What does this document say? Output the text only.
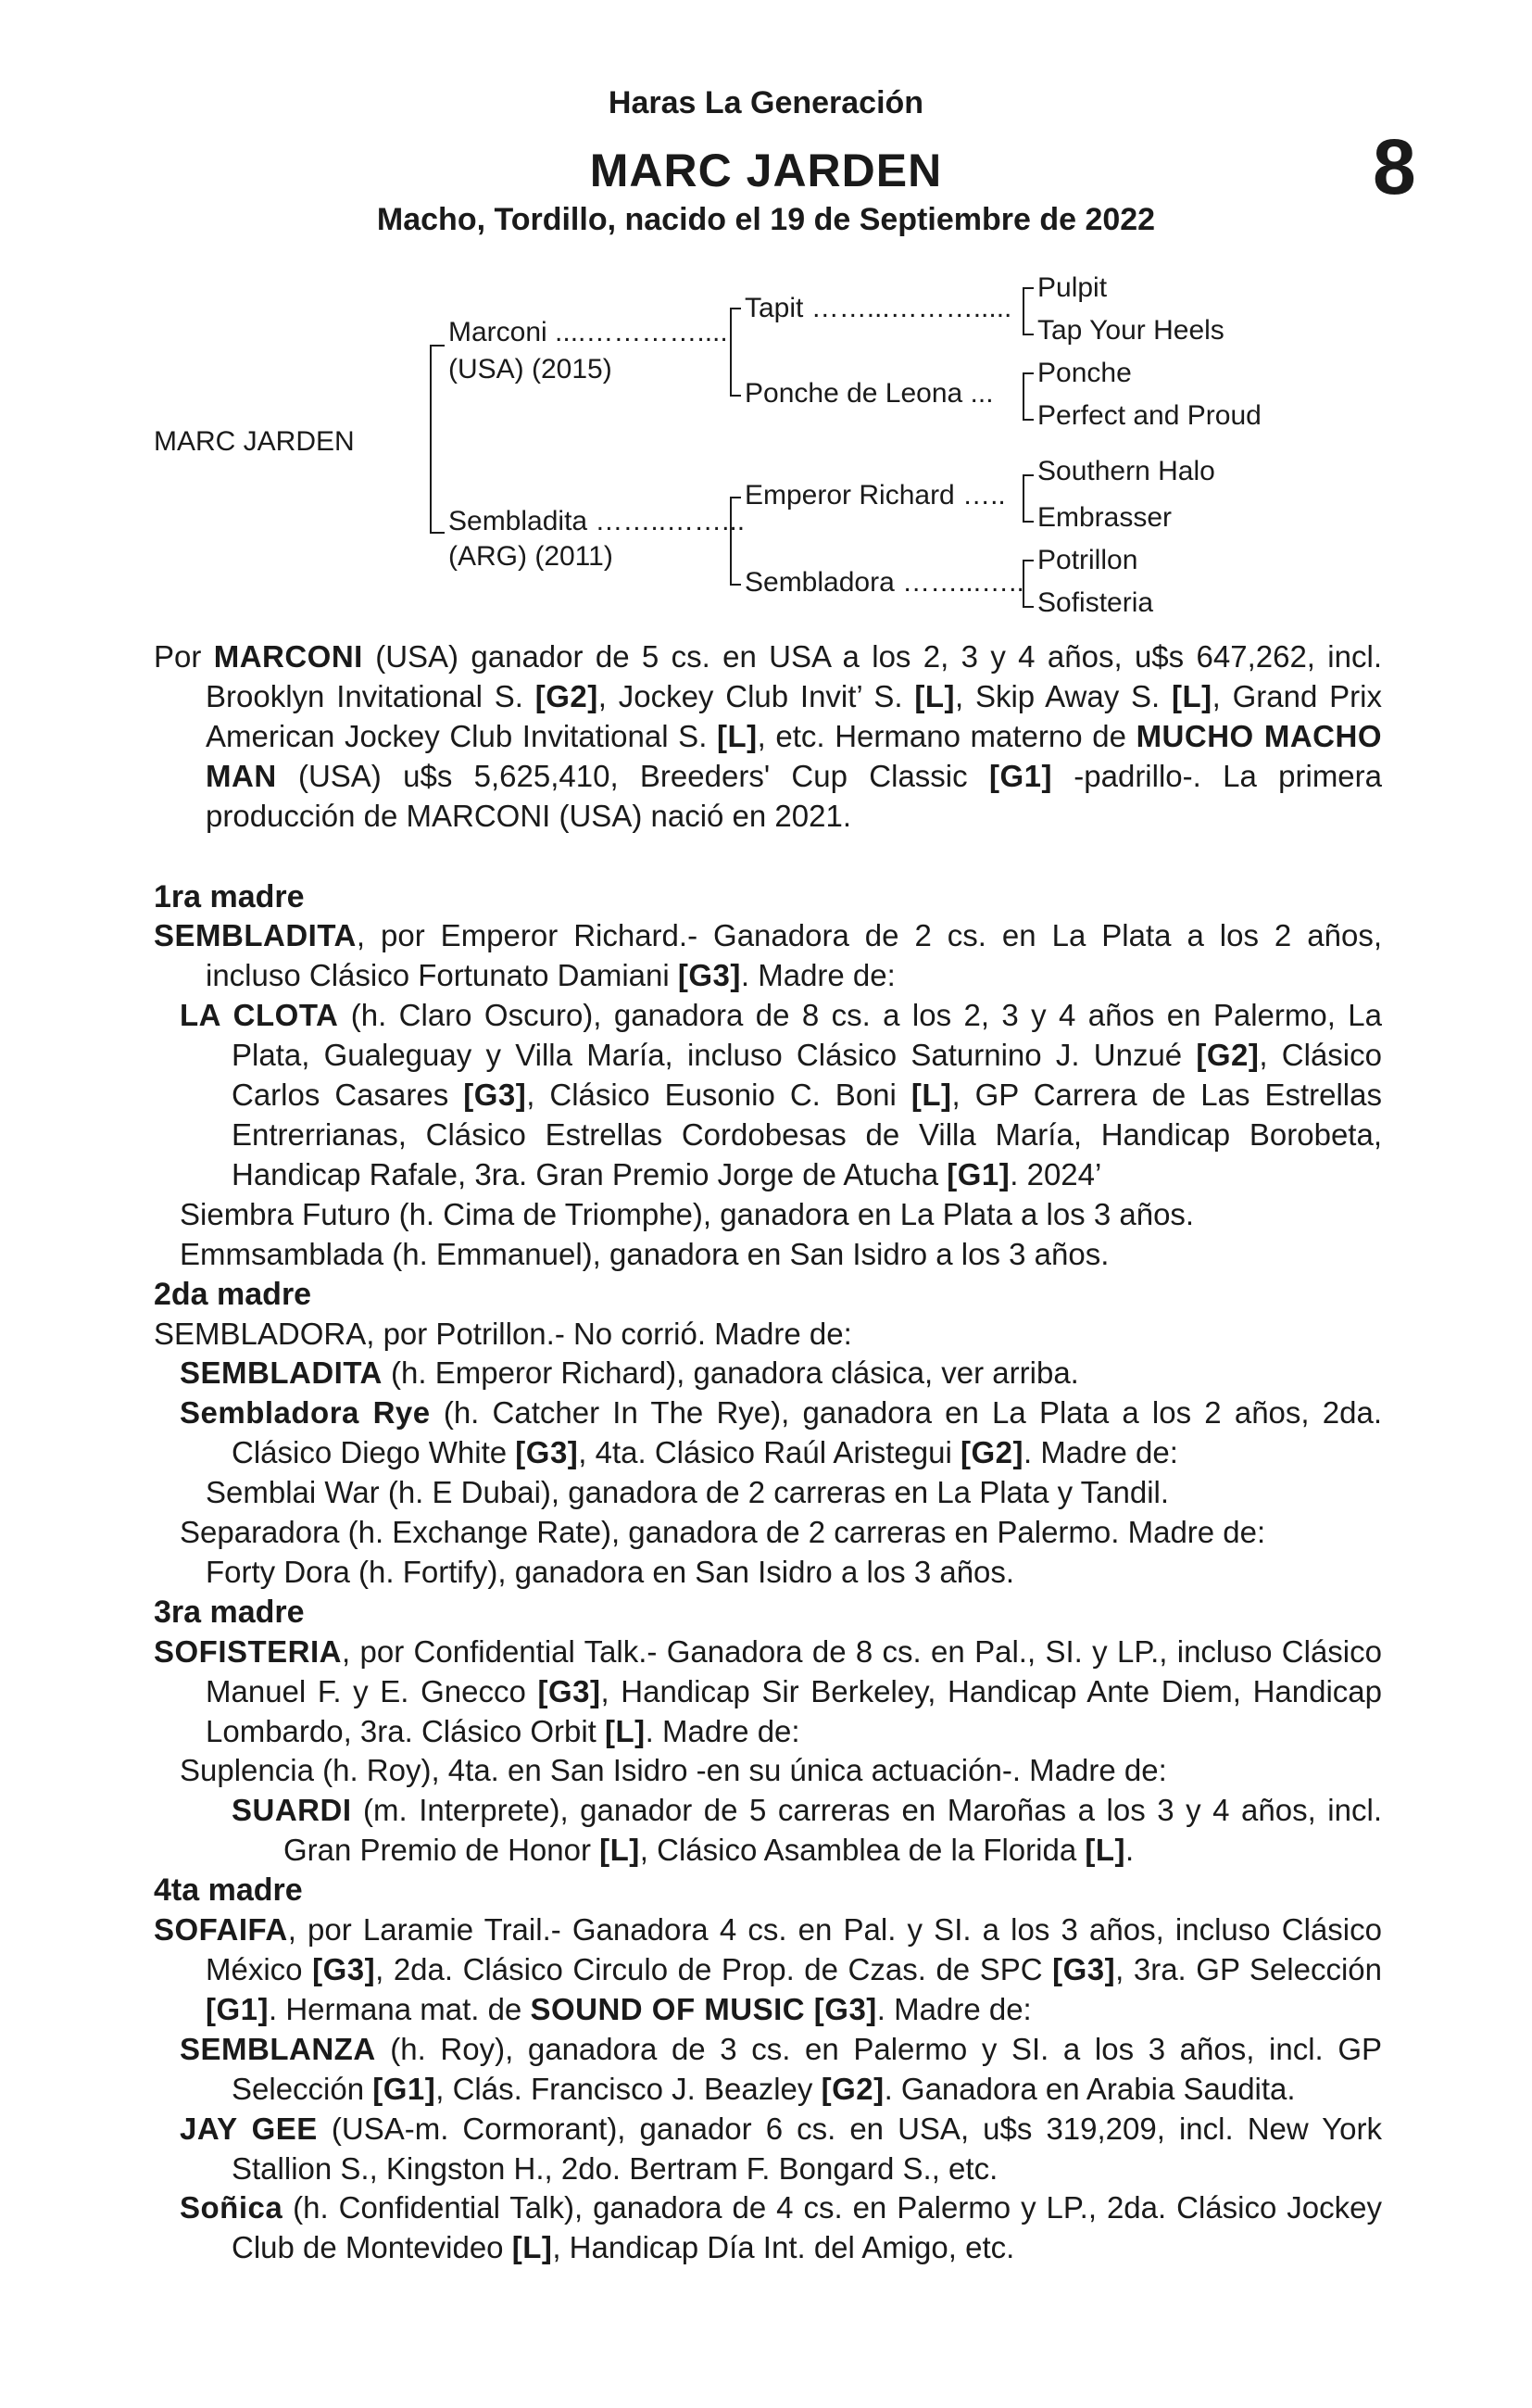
Haras La Generación
MARC JARDEN
Macho, Tordillo, nacido el 19 de Septiembre de 2022
8
MARC JARDEN
Marconi ....…………....
(USA) (2015)
Sembladita ……..……...
(ARG) (2011)
Tapit ……...……….....
Ponche de Leona ...
Emperor Richard …..
Sembladora ……...…..
Pulpit
Tap Your Heels
Ponche
Perfect and Proud
Southern Halo
Embrasser
Potrillon
Sofisteria

Por MARCONI (USA) ganador de 5 cs. en USA a los 2, 3 y 4 años, u$s 647,262, incl. Brooklyn Invitational S. [G2], Jockey Club Invit’ S. [L], Skip Away S. [L], Grand Prix American Jockey Club Invitational S. [L], etc. Hermano materno de MUCHO MACHO MAN (USA) u$s 5,625,410, Breeders' Cup Classic [G1] -padrillo-. La primera producción de MARCONI (USA) nació en 2021.

1ra madre

SEMBLADITA, por Emperor Richard.- Ganadora de 2 cs. en La Plata a los 2 años, incluso Clásico Fortunato Damiani [G3]. Madre de:

LA CLOTA (h. Claro Oscuro), ganadora de 8 cs. a los 2, 3 y 4 años en Palermo, La Plata, Gualeguay y Villa María, incluso Clásico Saturnino J. Unzué [G2], Clásico Carlos Casares [G3], Clásico Eusonio C. Boni [L], GP Carrera de Las Estrellas Entrerrianas, Clásico Estrellas Cordobesas de Villa María, Handicap Borobeta, Handicap Rafale, 3ra. Gran Premio Jorge de Atucha [G1]. 2024’

Siembra Futuro (h. Cima de Triomphe), ganadora en La Plata a los 3 años.

Emmsamblada (h. Emmanuel), ganadora en San Isidro a los 3 años.

2da madre

SEMBLADORA, por Potrillon.- No corrió. Madre de:

SEMBLADITA (h. Emperor Richard), ganadora clásica, ver arriba.

Sembladora Rye (h. Catcher In The Rye), ganadora en La Plata a los 2 años, 2da. Clásico Diego White [G3], 4ta. Clásico Raúl Aristegui [G2]. Madre de:

Semblai War (h. E Dubai), ganadora de 2 carreras en La Plata y Tandil.

Separadora (h. Exchange Rate), ganadora de 2 carreras en Palermo. Madre de:

Forty Dora (h. Fortify), ganadora en San Isidro a los 3 años.

3ra madre

SOFISTERIA, por Confidential Talk.- Ganadora de 8 cs. en Pal., SI. y LP., incluso Clásico Manuel F. y E. Gnecco [G3], Handicap Sir Berkeley, Handicap Ante Diem, Handicap Lombardo, 3ra. Clásico Orbit [L]. Madre de:

Suplencia (h. Roy), 4ta. en San Isidro -en su única actuación-. Madre de:

SUARDI (m. Interprete), ganador de 5 carreras en Maroñas a los 3 y 4 años, incl. Gran Premio de Honor [L], Clásico Asamblea de la Florida [L].

4ta madre

SOFAIFA, por Laramie Trail.- Ganadora 4 cs. en Pal. y SI. a los 3 años, incluso Clásico México [G3], 2da. Clásico Circulo de Prop. de Czas. de SPC [G3], 3ra. GP Selección [G1]. Hermana mat. de SOUND OF MUSIC [G3]. Madre de:

SEMBLANZA (h. Roy), ganadora de 3 cs. en Palermo y SI. a los 3 años, incl. GP Selección [G1], Clás. Francisco J. Beazley [G2]. Ganadora en Arabia Saudita.

JAY GEE (USA-m. Cormorant), ganador 6 cs. en USA, u$s 319,209, incl. New York Stallion S., Kingston H., 2do. Bertram F. Bongard S., etc.

Soñica (h. Confidential Talk), ganadora de 4 cs. en Palermo y LP., 2da. Clásico Jockey Club de Montevideo [L], Handicap Día Int. del Amigo, etc.
